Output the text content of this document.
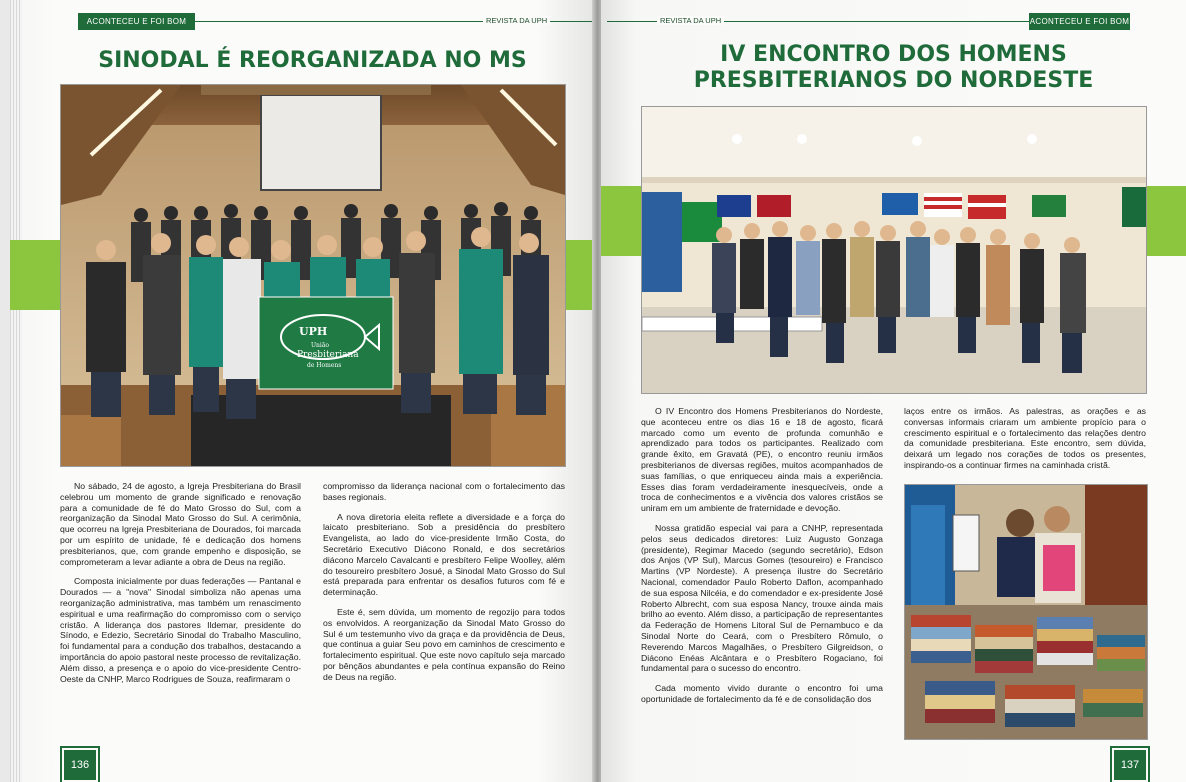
ACONTECEU E FOI BOM	REVISTA DA UPH
SINODAL É REORGANIZADA NO MS
UPH
União
Presbiteriana
de Homens

No sábado, 24 de agosto, a Igreja Presbiteriana do Brasil celebrou um momento de grande significado e renovação para a comunidade de fé do Mato Grosso do Sul, com a reorganização da Sinodal Mato Grosso do Sul. A cerimônia, que ocorreu na Igreja Presbiteriana de Dourados, foi marcada por um espírito de unidade, fé e dedicação dos homens presbiterianos, que, com grande empenho e disposição, se comprometeram a levar adiante a obra de Deus na região.

Composta inicialmente por duas federações — Pantanal e Dourados — a "nova" Sinodal simboliza não apenas uma reorganização administrativa, mas também um renascimento espiritual e uma reafirmação do compromisso com o serviço cristão. A liderança dos pastores Ildemar, presidente do Sínodo, e Edezio, Secretário Sinodal do Trabalho Masculino, foi fundamental para a condução dos trabalhos, destacando a importância do apoio pastoral neste processo de revitalização. Além disso, a presença e o apoio do vice-presidente Centro-Oeste da CNHP, Marco Rodrigues de Souza, reafirmaram o

compromisso da liderança nacional com o fortalecimento das bases regionais.

A nova diretoria eleita reflete a diversidade e a força do laicato presbiteriano. Sob a presidência do presbítero Evangelista, ao lado do vice-presidente Irmão Costa, do Secretário Executivo Diácono Ronald, e dos secretários diácono Marcelo Cavalcanti e presbítero Felipe Woolley, além do tesoureiro presbítero Josué, a Sinodal Mato Grosso do Sul está preparada para enfrentar os desafios futuros com fé e determinação.

Este é, sem dúvida, um momento de regozijo para todos os envolvidos. A reorganização da Sinodal Mato Grosso do Sul é um testemunho vivo da graça e da providência de Deus, que continua a guiar Seu povo em caminhos de crescimento e fortalecimento espiritual. Que este novo capítulo seja marcado por bênçãos abundantes e pela contínua expansão do Reino de Deus na região.

136
REVISTA DA UPH	ACONTECEU E FOI BOM
IV ENCONTRO DOS HOMENS
PRESBITERIANOS DO NORDESTE

O IV Encontro dos Homens Presbiterianos do Nordeste, que aconteceu entre os dias 16 e 18 de agosto, ficará marcado como um evento de profunda comunhão e aprendizado para todos os participantes. Realizado com grande êxito, em Gravatá (PE), o encontro reuniu irmãos presbiterianos de diversas regiões, muitos acompanhados de suas famílias, o que enriqueceu ainda mais a experiência. Esses dias foram verdadeiramente inesquecíveis, onde a troca de conhecimentos e a vivência dos valores cristãos se uniram em um ambiente de fraternidade e devoção.

Nossa gratidão especial vai para a CNHP, representada pelos seus dedicados diretores: Luiz Augusto Gonzaga (presidente), Regimar Macedo (segundo secretário), Edson dos Anjos (VP Sul), Marcus Gomes (tesoureiro) e Francisco Martins (VP Nordeste). A presença ilustre do Secretário Nacional, comendador Paulo Roberto Daflon, acompanhado de sua esposa Nilcéia, e do comendador e ex-presidente José Roberto Albrecht, com sua esposa Nancy, trouxe ainda mais brilho ao evento. Além disso, a participação de representantes da Federação de Homens Litoral Sul de Pernambuco e da Sinodal Norte do Ceará, com o Presbítero Rômulo, o Reverendo Marcos Magalhães, o Presbítero Gilgreidson, o Diácono Enéas Alcântara e o Presbítero Rogaciano, foi fundamental para o sucesso do encontro.

Cada momento vivido durante o encontro foi uma oportunidade de fortalecimento da fé e de consolidação dos

laços entre os irmãos. As palestras, as orações e as conversas informais criaram um ambiente propício para o crescimento espiritual e o fortalecimento das relações dentro da comunidade presbiteriana. Este encontro, sem dúvida, deixará um legado nos corações de todos os presentes, inspirando-os a continuar firmes na caminhada cristã.

137
